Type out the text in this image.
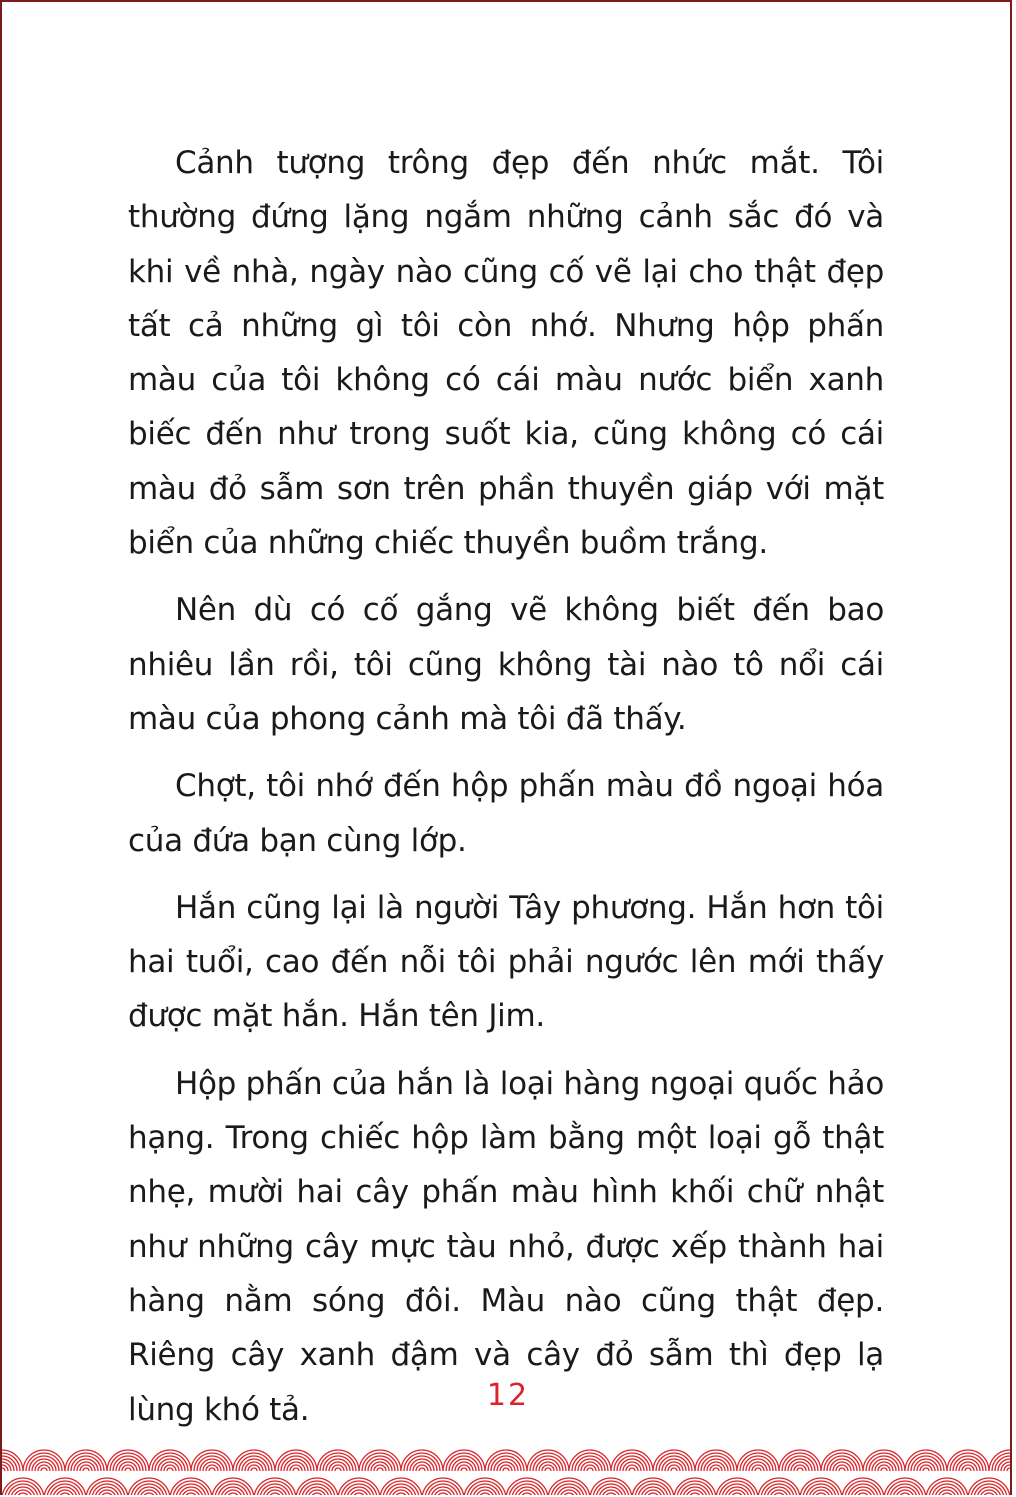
Cảnh tượng trông đẹp đến nhức mắt. Tôi thường đứng lặng ngắm những cảnh sắc đó và khi về nhà, ngày nào cũng cố vẽ lại cho thật đẹp tất cả những gì tôi còn nhớ. Nhưng hộp phấn màu của tôi không có cái màu nước biển xanh biếc đến như trong suốt kia, cũng không có cái màu đỏ sẫm sơn trên phần thuyền giáp với mặt biển của những chiếc thuyền buồm trắng.

Nên dù có cố gắng vẽ không biết đến bao nhiêu lần rồi, tôi cũng không tài nào tô nổi cái màu của phong cảnh mà tôi đã thấy.

Chợt, tôi nhớ đến hộp phấn màu đồ ngoại hóa của đứa bạn cùng lớp.

Hắn cũng lại là người Tây phương. Hắn hơn tôi hai tuổi, cao đến nỗi tôi phải ngước lên mới thấy được mặt hắn. Hắn tên Jim.

Hộp phấn của hắn là loại hàng ngoại quốc hảo hạng. Trong chiếc hộp làm bằng một loại gỗ thật nhẹ, mười hai cây phấn màu hình khối chữ nhật như những cây mực tàu nhỏ, được xếp thành hai hàng nằm sóng đôi. Màu nào cũng thật đẹp. Riêng cây xanh đậm và cây đỏ sẫm thì đẹp lạ lùng khó tả.	12
